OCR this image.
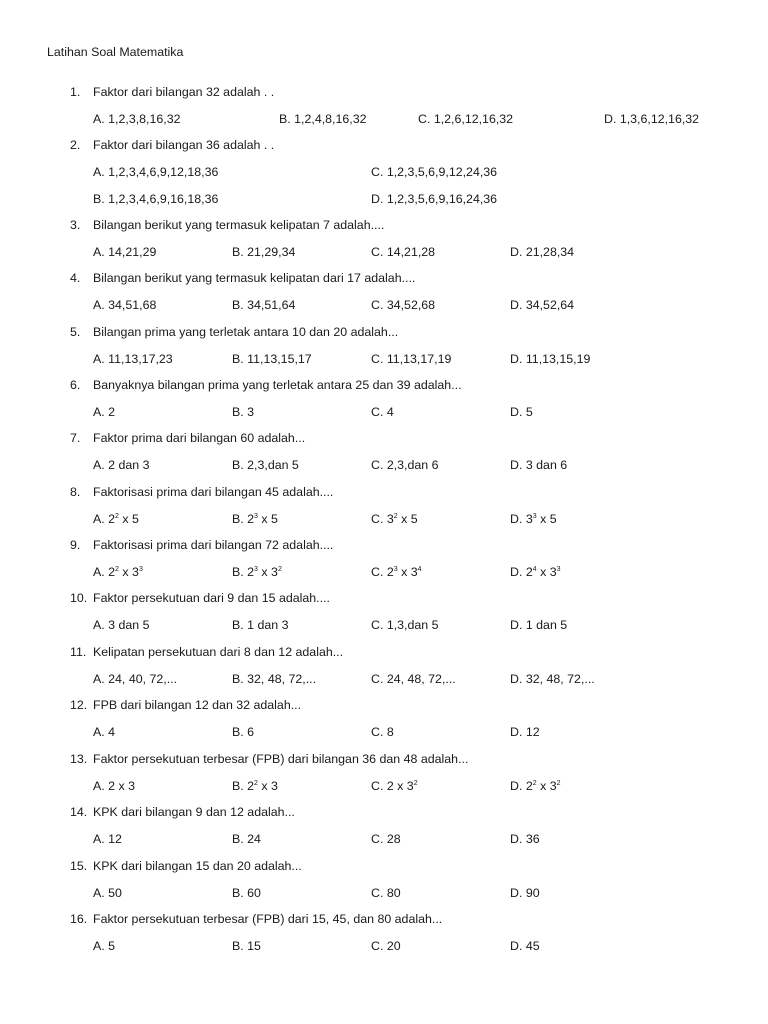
Latihan Soal Matematika
1. Faktor dari bilangan 32 adalah . .
A. 1,2,3,8,16,32	B. 1,2,4,8,16,32	C. 1,2,6,12,16,32	D. 1,3,6,12,16,32
2. Faktor dari bilangan 36 adalah . .
A. 1,2,3,4,6,9,12,18,36	C. 1,2,3,5,6,9,12,24,36
B. 1,2,3,4,6,9,16,18,36	D. 1,2,3,5,6,9,16,24,36
3. Bilangan berikut yang termasuk kelipatan 7 adalah....
A. 14,21,29	B. 21,29,34	C. 14,21,28	D. 21,28,34
4. Bilangan berikut yang termasuk kelipatan dari 17 adalah....
A. 34,51,68	B. 34,51,64	C. 34,52,68	D. 34,52,64
5. Bilangan prima yang terletak antara 10 dan 20 adalah...
A. 11,13,17,23	B. 11,13,15,17	C. 11,13,17,19	D. 11,13,15,19
6. Banyaknya bilangan prima yang terletak antara 25 dan 39 adalah...
A. 2	B. 3	C. 4	D. 5
7. Faktor prima dari bilangan 60 adalah...
A. 2 dan 3	B. 2,3,dan 5	C. 2,3,dan 6	D. 3 dan 6
8. Faktorisasi prima dari bilangan 45 adalah....
A. $2^2$ x 5	B. $2^3$ x 5	C. $3^2$ x 5	D. $3^3$ x 5
9. Faktorisasi prima dari bilangan 72 adalah....
A. $2^2$ x $3^3$	B. $2^3$ x $3^2$	C. $2^3$ x $3^4$	D. $2^4$ x $3^3$
10. Faktor persekutuan dari 9 dan 15 adalah....
A. 3 dan 5	B. 1 dan 3	C. 1,3,dan 5	D. 1 dan 5
11. Kelipatan persekutuan dari 8 dan 12 adalah...
A. 24, 40, 72,...	B. 32, 48, 72,...	C. 24, 48, 72,...	D. 32, 48, 72,...
12. FPB dari bilangan 12 dan 32 adalah...
A. 4	B. 6	C. 8	D. 12
13. Faktor persekutuan terbesar (FPB) dari bilangan 36 dan 48 adalah...
A. 2 x 3	B. $2^2$ x 3	C. 2 x $3^2$	D. $2^2$ x $3^2$
14. KPK dari bilangan 9 dan 12 adalah...
A. 12	B. 24	C. 28	D. 36
15. KPK dari bilangan 15 dan 20 adalah...
A. 50	B. 60	C. 80	D. 90
16. Faktor persekutuan terbesar (FPB) dari 15, 45, dan 80 adalah...
A. 5	B. 15	C. 20	D. 45
